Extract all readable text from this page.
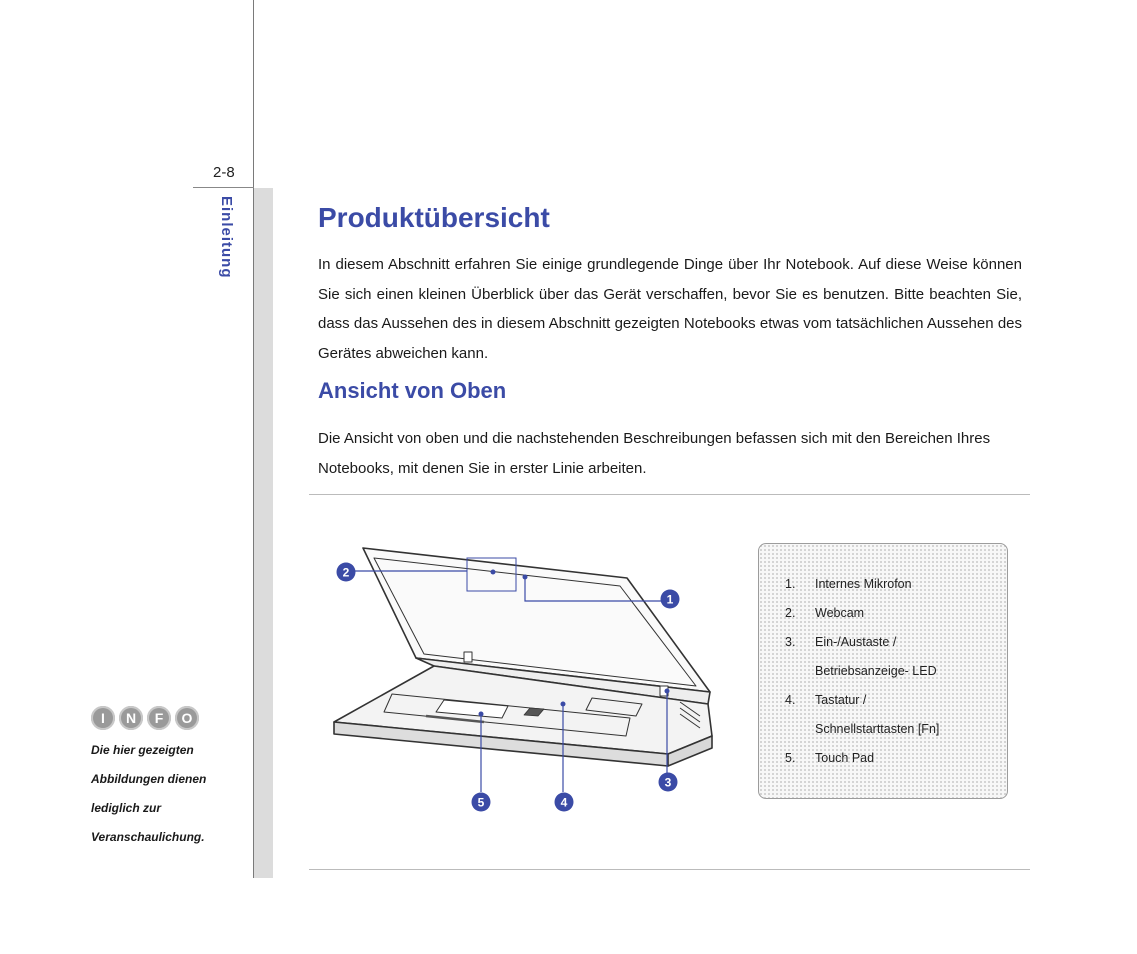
2-8
Einleitung	Produktübersicht

In diesem Abschnitt erfahren Sie einige grundlegende Dinge über Ihr Notebook. Auf diese Weise können Sie sich einen kleinen Überblick über das Gerät verschaffen, bevor Sie es benutzen. Bitte beachten Sie, dass das Aussehen des in diesem Abschnitt gezeigten Notebooks etwas vom tatsächlichen Aussehen des Gerätes abweichen kann.

Ansicht von Oben

Die Ansicht von oben und die nachstehenden Beschreibungen befassen sich mit den Bereichen Ihres Notebooks, mit denen Sie in erster Linie arbeiten.

I	N	F	O

Die hier gezeigten Abbildungen dienen lediglich zur Veranschaulichung.

1
2
3
4
5
1.	Internes Mikrofon
2.	Webcam
3.	Ein-/Austaste /
Betriebsanzeige- LED
4.	Tastatur /
Schnellstarttasten [Fn]
5.	Touch Pad
